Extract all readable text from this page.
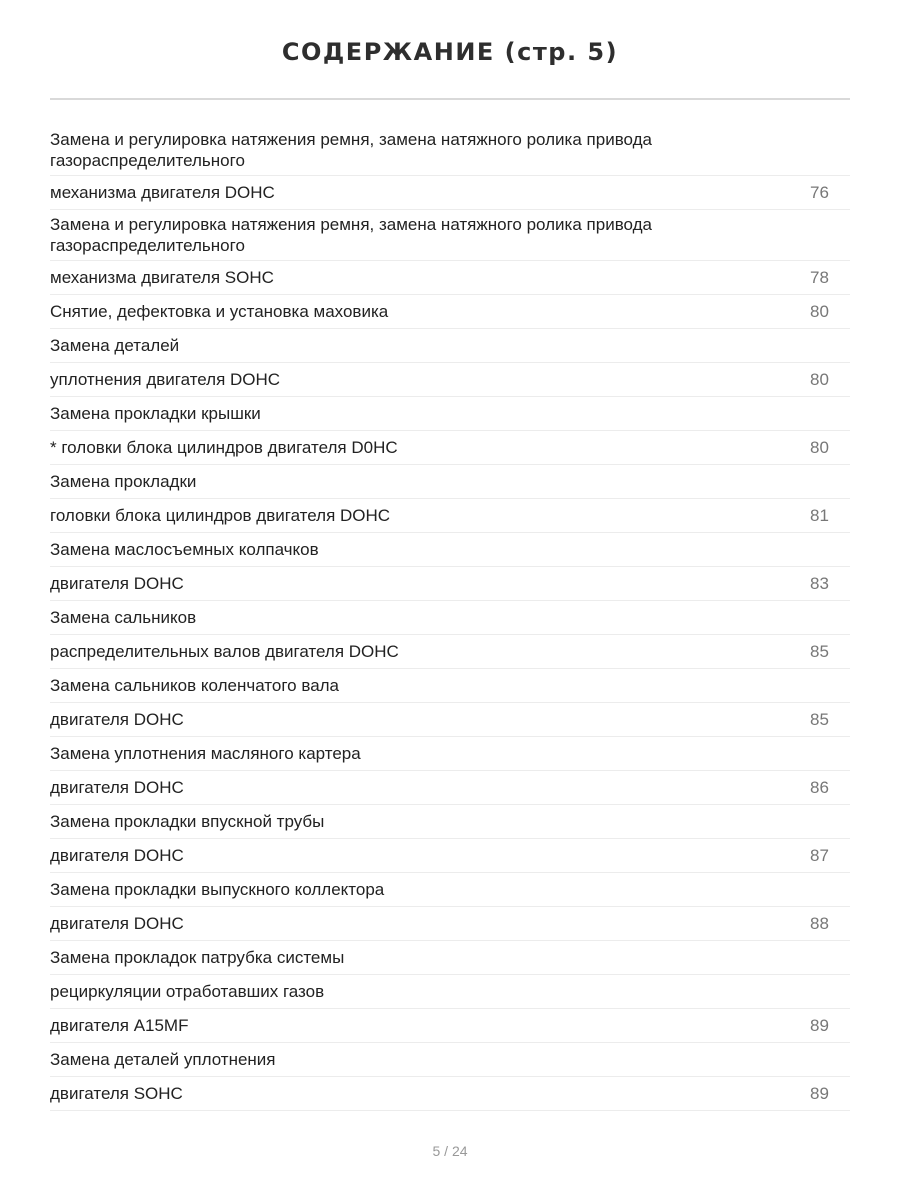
СОДЕРЖАНИЕ (стр. 5)
Замена и регулировка натяжения ремня, замена натяжного ролика привода газораспределительного
механизма двигателя DOHC	76
Замена и регулировка натяжения ремня, замена натяжного ролика привода газораспределительного
механизма двигателя SOHC	78
Снятие, дефектовка и установка маховика	80
Замена деталей
уплотнения двигателя DOHC	80
Замена прокладки крышки
* головки блока цилиндров двигателя D0HC	80
Замена прокладки
головки блока цилиндров двигателя DOHC	81
Замена маслосъемных колпачков
двигателя DOHC	83
Замена сальников
распределительных валов двигателя DOHC	85
Замена сальников коленчатого вала
двигателя DOHC	85
Замена уплотнения масляного картера
двигателя DOHC	86
Замена прокладки впускной трубы
двигателя DOHC	87
Замена прокладки выпускного коллектора
двигателя DOHC	88
Замена прокладок патрубка системы
рециркуляции отработавших газов
двигателя A15MF	89
Замена деталей уплотнения
двигателя SOHC	89
5 / 24
